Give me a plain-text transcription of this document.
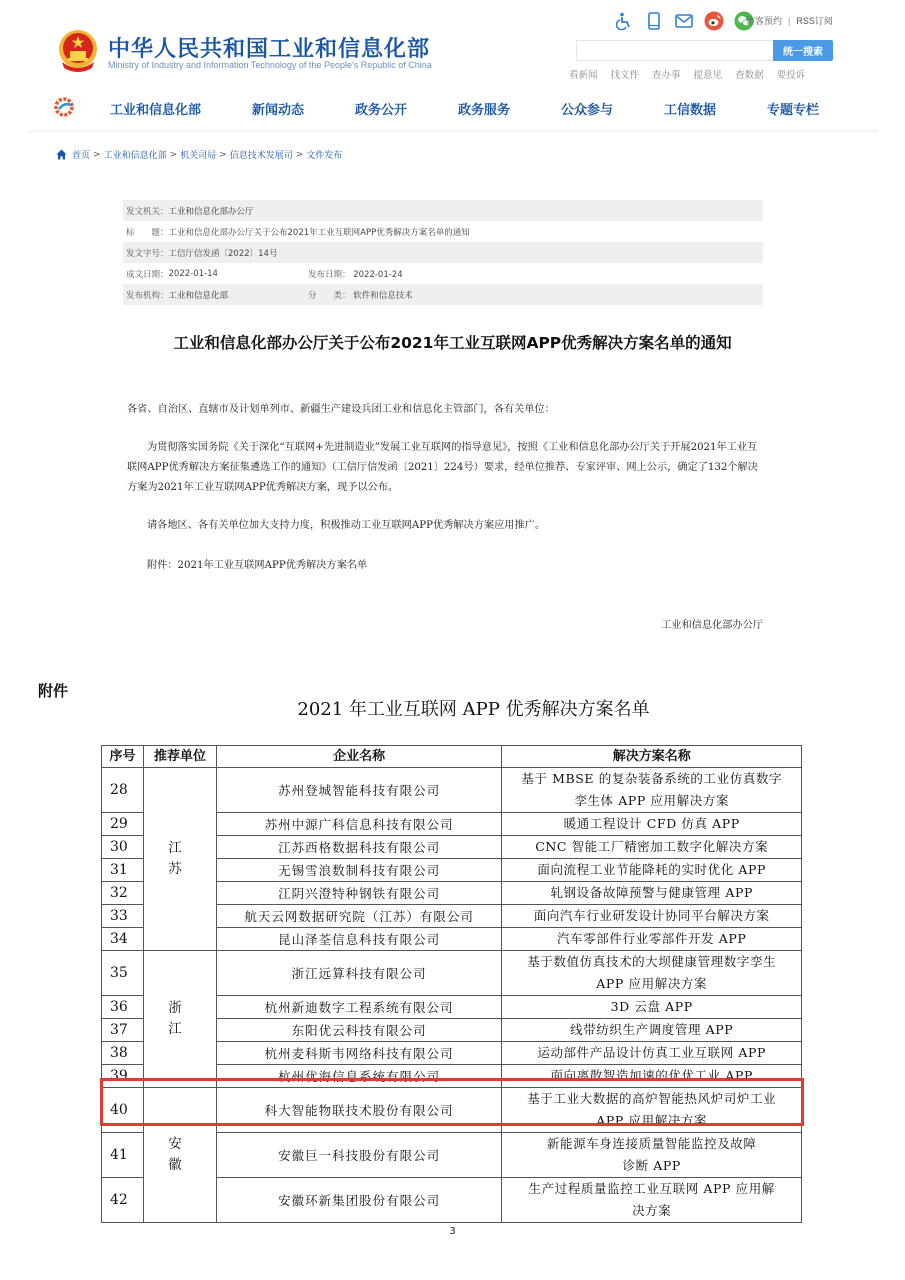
中华人民共和国工业和信息化部
Ministry of Industry and Information Technology of the People's Republic of China
访客预约 | RSS订阅
统一搜索
看新闻 找文件 查办事 提意见 查数据 要投诉
工业和信息化部	新闻动态	政务公开	政务服务	公众参与	工信数据	专题专栏
首页 > 工业和信息化部 > 机关司局 > 信息技术发展司 > 文件发布
发文机关： 工业和信息化部办公厅
标　　题： 工业和信息化部办公厅关于公布2021年工业互联网APP优秀解决方案名单的通知
发文字号： 工信厅信发函〔2022〕14号
成文日期： 2022-01-14	发布日期： 2022-01-24
发布机构： 工业和信息化部	分　　类： 软件和信息技术
工业和信息化部办公厅关于公布2021年工业互联网APP优秀解决方案名单的通知

各省、自治区、直辖市及计划单列市、新疆生产建设兵团工业和信息化主管部门，各有关单位：

为贯彻落实国务院《关于深化“互联网+先进制造业”发展工业互联网的指导意见》，按照《工业和信息化部办公厅关于开展2021年工业互联网APP优秀解决方案征集遴选工作的通知》（工信厅信发函〔2021〕224号）要求，经单位推荐、专家评审、网上公示，确定了132个解决方案为2021年工业互联网APP优秀解决方案，现予以公布。

请各地区、各有关单位加大支持力度，积极推动工业互联网APP优秀解决方案应用推广。

附件：2021年工业互联网APP优秀解决方案名单

工业和信息化部办公厅

附件
2021 年工业互联网 APP 优秀解决方案名单
序号	推荐单位	企业名称	解决方案名称
28	江　苏	苏州登城智能科技有限公司	基于 MBSE 的复杂装备系统的工业仿真数字
孪生体 APP 应用解决方案
29		苏州中源广科信息科技有限公司	暖通工程设计 CFD 仿真 APP
30		江苏西格数据科技有限公司	CNC 智能工厂精密加工数字化解决方案
31		无锡雪浪数制科技有限公司	面向流程工业节能降耗的实时优化 APP
32		江阴兴澄特种钢铁有限公司	轧钢设备故障预警与健康管理 APP
33		航天云网数据研究院（江苏）有限公司	面向汽车行业研发设计协同平台解决方案
34		昆山泽荃信息科技有限公司	汽车零部件行业零部件开发 APP
35	浙　江	浙江远算科技有限公司	基于数值仿真技术的大坝健康管理数字孪生
APP 应用解决方案
36		杭州新迪数字工程系统有限公司	3D 云盘 APP
37		东阳优云科技有限公司	线带纺织生产调度管理 APP
38		杭州麦科斯韦网络科技有限公司	运动部件产品设计仿真工业互联网 APP
39		杭州优海信息系统有限公司	面向离散智造加速的优优工业 APP
40	安　徽	科大智能物联技术股份有限公司	基于工业大数据的高炉智能热风炉司炉工业
APP 应用解决方案
41		安徽巨一科技股份有限公司	新能源车身连接质量智能监控及故障
诊断 APP
42		安徽环新集团股份有限公司	生产过程质量监控工业互联网 APP 应用解
决方案
3
